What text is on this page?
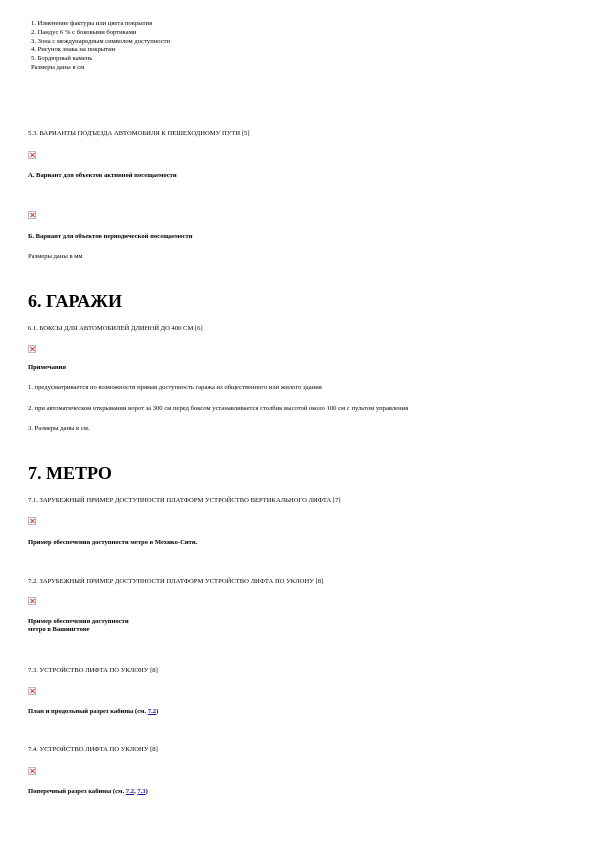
1. Изменение фактуры или цвета покрытия
2. Пандус 6 % с боковыми бортиками
3. Зона с международным символом доступности
4. Рисунок знака на покрытии
5. Бордюрный камень
Размеры даны в см
5.3. ВАРИАНТЫ ПОДЪЕЗДА АВТОМОБИЛЯ К ПЕШЕХОДНОМУ ПУТИ [5]
А. Вариант для объектов активной посещаемости
Б. Вариант для объектов периодической посещаемости
Размеры даны в мм
6. ГАРАЖИ
6.1. БОКСЫ ДЛЯ АВТОМОБИЛЕЙ ДЛИНОЙ ДО 400 СМ [6]
Примечания
1. предусматривается по возможности прямая доступность гаража из общественного или жилого здания
2. при автоматическом открывании ворот за 300 см перед боксом устанавливается столбик высотой около 100 см с пультом управления
3. Размеры даны в см.
7. МЕТРО
7.1. ЗАРУБЕЖНЫЙ ПРИМЕР ДОСТУПНОСТИ ПЛАТФОРМ УСТРОЙСТВО ВЕРТИКАЛЬНОГО ЛИФТА [7]
Пример обеспечения доступности метро в Мехико-Сити.
7.2. ЗАРУБЕЖНЫЙ ПРИМЕР ДОСТУПНОСТИ ПЛАТФОРМ УСТРОЙСТВО ЛИФТА ПО УКЛОНУ [8]
Пример обеспечения доступности
метро в Вашингтоне
7.3. УСТРОЙСТВО ЛИФТА ПО УКЛОНУ [8]
План и продольный разрез кабины (см. 7.2)
7.4. УСТРОЙСТВО ЛИФТА ПО УКЛОНУ [8]
Поперечный разрез кабины (см. 7.2, 7.3)
